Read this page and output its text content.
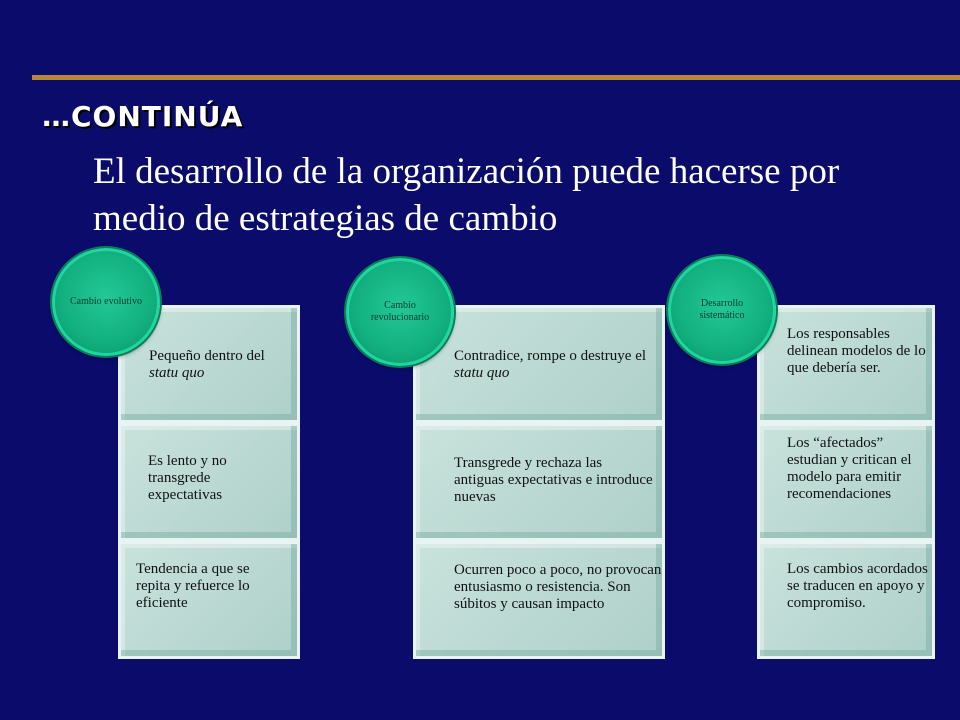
…CONTINÚA
El desarrollo de la organización puede hacerse por medio de estrategias de cambio
Pequeño dentro del statu quo
Es lento y no transgrede expectativas
Tendencia a que se repita y refuerce lo eficiente
Cambio evolutivo
Contradice, rompe o destruye el statu quo
Transgrede y rechaza las antiguas expectativas e introduce nuevas
Ocurren poco a poco, no provocan entusiasmo o resistencia. Son súbitos y causan impacto
Cambio revolucionario
Los responsables delinean modelos de lo que debería ser.
Los “afectados” estudian y critican el modelo para emitir recomendaciones
Los cambios acordados se traducen en apoyo y compromiso.
Desarrollo sistemático
